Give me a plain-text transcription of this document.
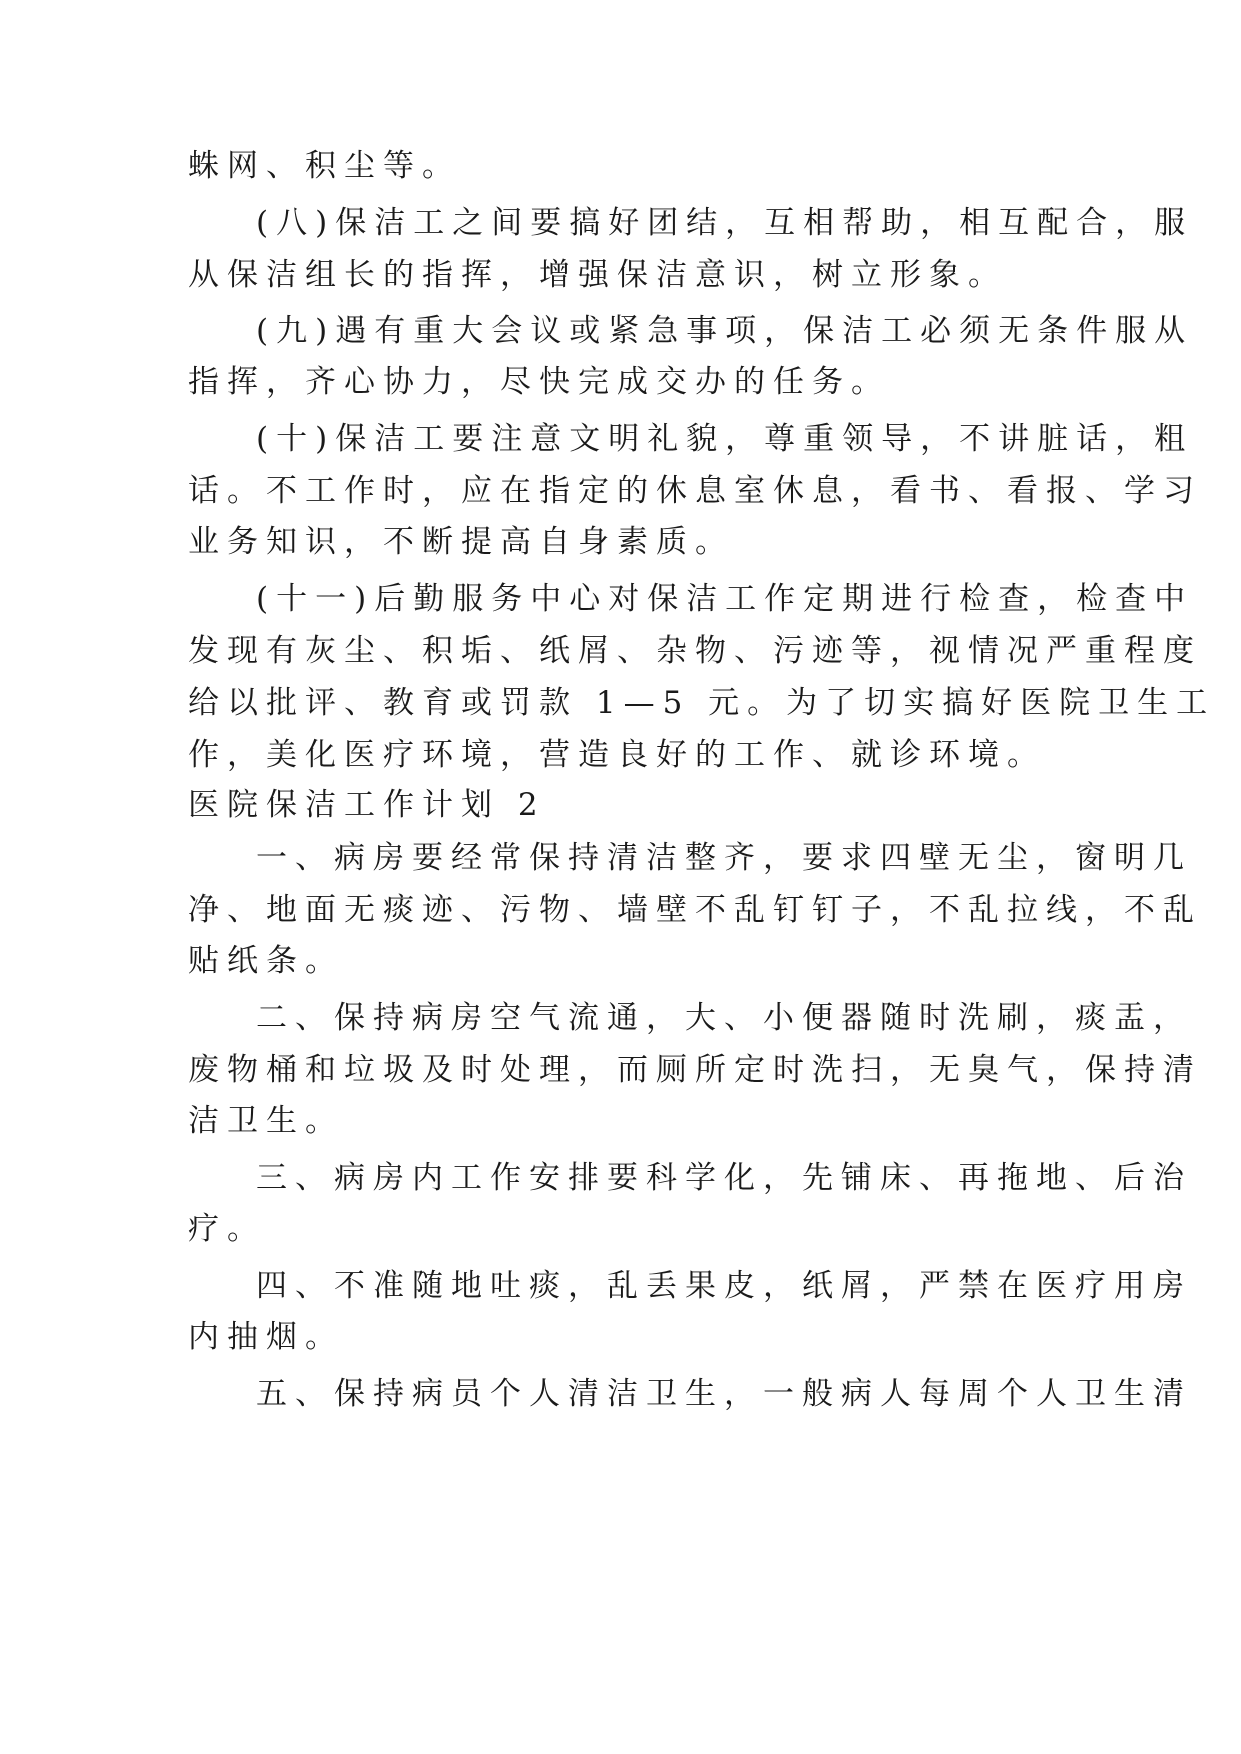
蛛网、积尘等。
(八)保洁工之间要搞好团结，互相帮助，相互配合，服
从保洁组长的指挥，增强保洁意识，树立形象。
(九)遇有重大会议或紧急事项，保洁工必须无条件服从
指挥，齐心协力，尽快完成交办的任务。
(十)保洁工要注意文明礼貌，尊重领导，不讲脏话，粗
话。不工作时，应在指定的休息室休息，看书、看报、学习
业务知识，不断提高自身素质。
(十一)后勤服务中心对保洁工作定期进行检查，检查中
发现有灰尘、积垢、纸屑、杂物、污迹等，视情况严重程度
给以批评、教育或罚款 1—5 元。为了切实搞好医院卫生工
作，美化医疗环境，营造良好的工作、就诊环境。
医院保洁工作计划 2
一、病房要经常保持清洁整齐，要求四壁无尘，窗明几
净、地面无痰迹、污物、墙壁不乱钉钉子，不乱拉线，不乱
贴纸条。
二、保持病房空气流通，大、小便器随时洗刷，痰盂，
废物桶和垃圾及时处理，而厕所定时洗扫，无臭气，保持清
洁卫生。
三、病房内工作安排要科学化，先铺床、再拖地、后治
疗。
四、不准随地吐痰，乱丢果皮，纸屑，严禁在医疗用房
内抽烟。
五、保持病员个人清洁卫生，一般病人每周个人卫生清
